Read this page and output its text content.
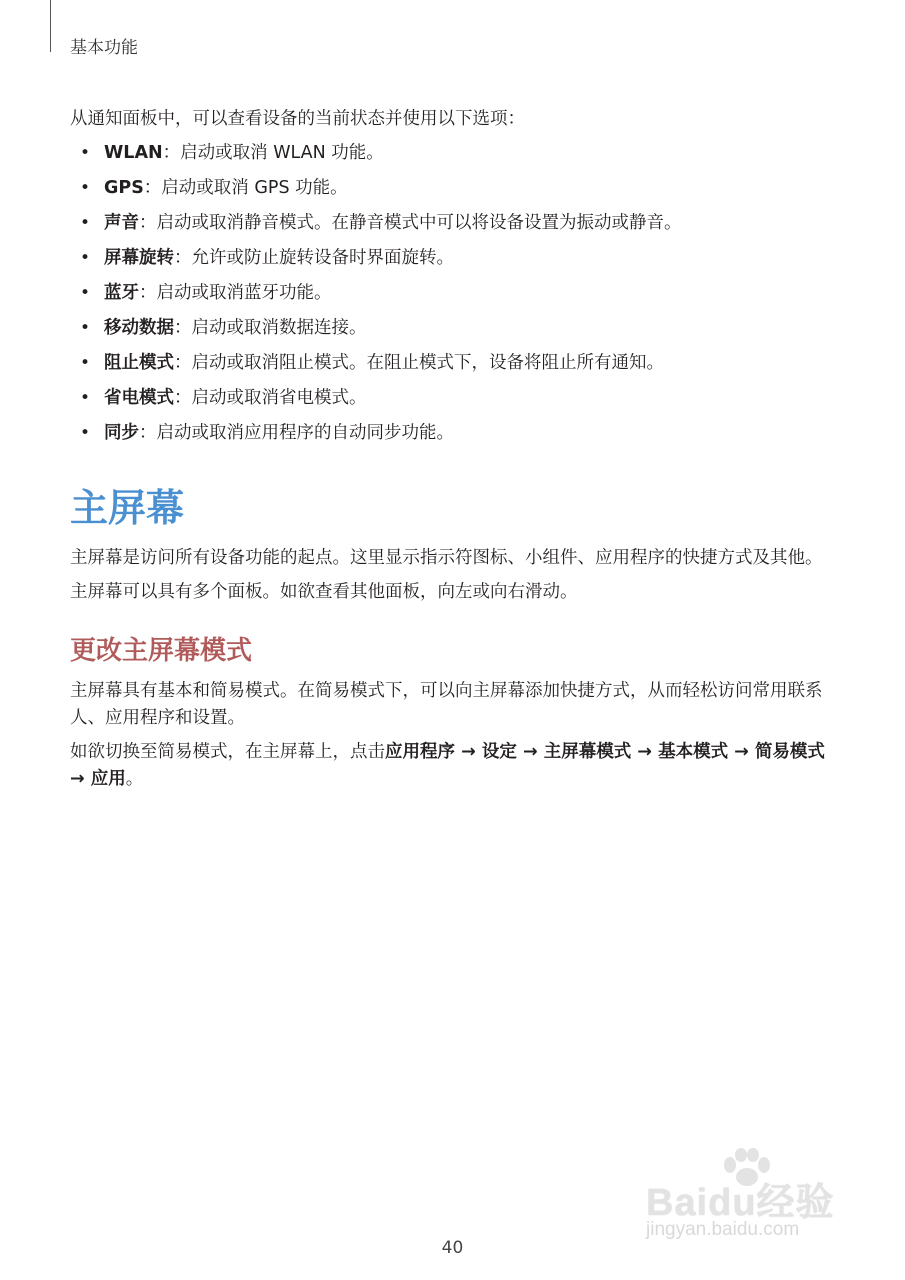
基本功能

从通知面板中，可以查看设备的当前状态并使用以下选项：

• WLAN：启动或取消 WLAN 功能。
• GPS：启动或取消 GPS 功能。
• 声音：启动或取消静音模式。在静音模式中可以将设备设置为振动或静音。
• 屏幕旋转：允许或防止旋转设备时界面旋转。
• 蓝牙：启动或取消蓝牙功能。
• 移动数据：启动或取消数据连接。
• 阻止模式：启动或取消阻止模式。在阻止模式下，设备将阻止所有通知。
• 省电模式：启动或取消省电模式。
• 同步：启动或取消应用程序的自动同步功能。
主屏幕

主屏幕是访问所有设备功能的起点。这里显示指示符图标、小组件、应用程序的快捷方式及其他。

主屏幕可以具有多个面板。如欲查看其他面板，向左或向右滑动。

更改主屏幕模式

主屏幕具有基本和简易模式。在简易模式下，可以向主屏幕添加快捷方式，从而轻松访问常用联系人、应用程序和设置。

如欲切换至简易模式，在主屏幕上，点击应用程序 → 设定 → 主屏幕模式 → 基本模式 → 简易模式 → 应用。

Baidu经验
jingyan.baidu.com
40
